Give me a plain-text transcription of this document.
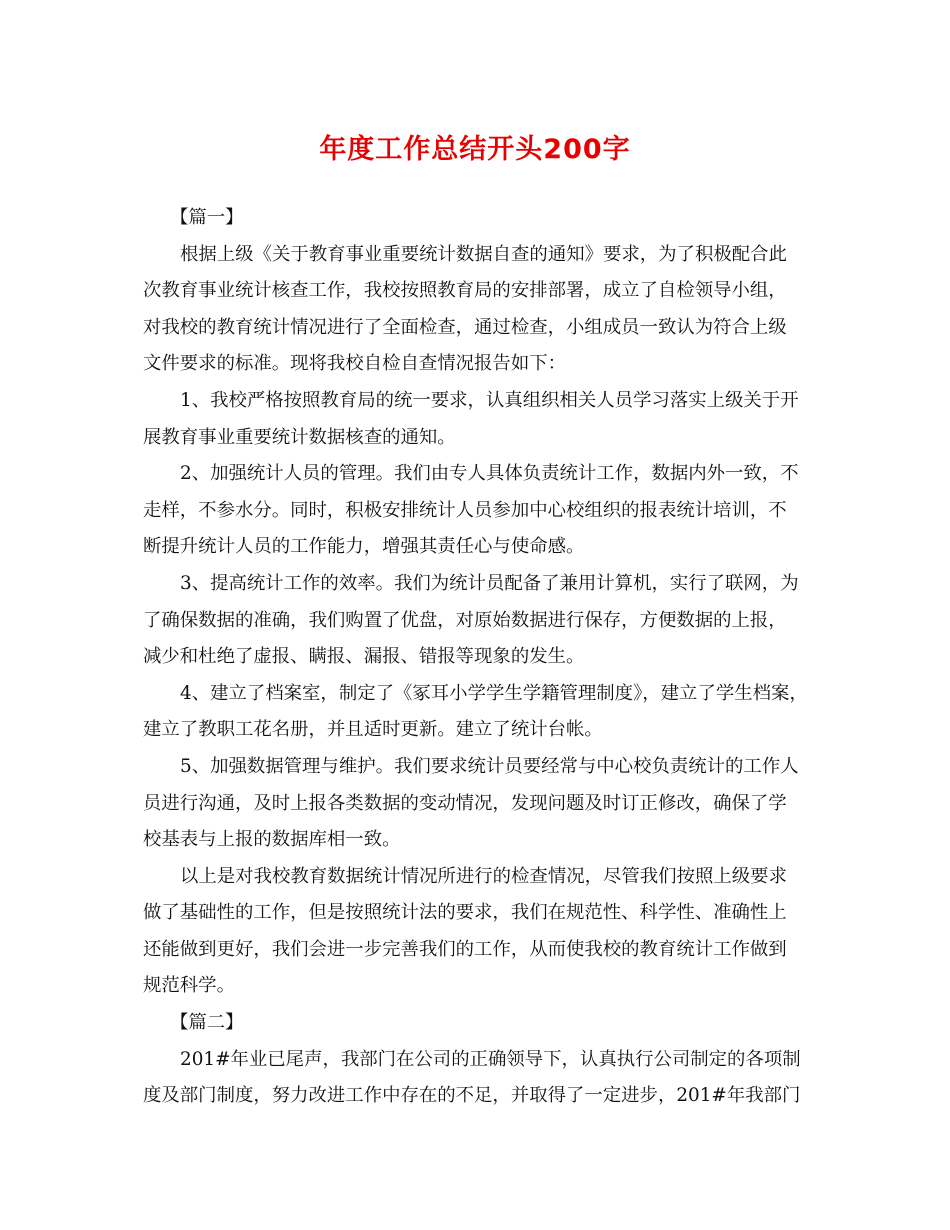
年度工作总结开头200字
【篇一】
根据上级《关于教育事业重要统计数据自查的通知》要求，为了积极配合此
次教育事业统计核查工作，我校按照教育局的安排部署，成立了自检领导小组，
对我校的教育统计情况进行了全面检查，通过检查，小组成员一致认为符合上级
文件要求的标准。现将我校自检自查情况报告如下：
1、我校严格按照教育局的统一要求，认真组织相关人员学习落实上级关于开
展教育事业重要统计数据核查的通知。
2、加强统计人员的管理。我们由专人具体负责统计工作，数据内外一致，不
走样，不参水分。同时，积极安排统计人员参加中心校组织的报表统计培训，不
断提升统计人员的工作能力，增强其责任心与使命感。
3、提高统计工作的效率。我们为统计员配备了兼用计算机，实行了联网，为
了确保数据的准确，我们购置了优盘，对原始数据进行保存，方便数据的上报，
减少和杜绝了虚报、瞒报、漏报、错报等现象的发生。
4、建立了档案室，制定了《冢耳小学学生学籍管理制度》，建立了学生档案，
建立了教职工花名册，并且适时更新。建立了统计台帐。
5、加强数据管理与维护。我们要求统计员要经常与中心校负责统计的工作人
员进行沟通，及时上报各类数据的变动情况，发现问题及时订正修改，确保了学
校基表与上报的数据库相一致。
以上是对我校教育数据统计情况所进行的检查情况，尽管我们按照上级要求
做了基础性的工作，但是按照统计法的要求，我们在规范性、科学性、准确性上
还能做到更好，我们会进一步完善我们的工作，从而使我校的教育统计工作做到
规范科学。
【篇二】
201#年业已尾声，我部门在公司的正确领导下，认真执行公司制定的各项制
度及部门制度，努力改进工作中存在的不足，并取得了一定进步，201#年我部门
